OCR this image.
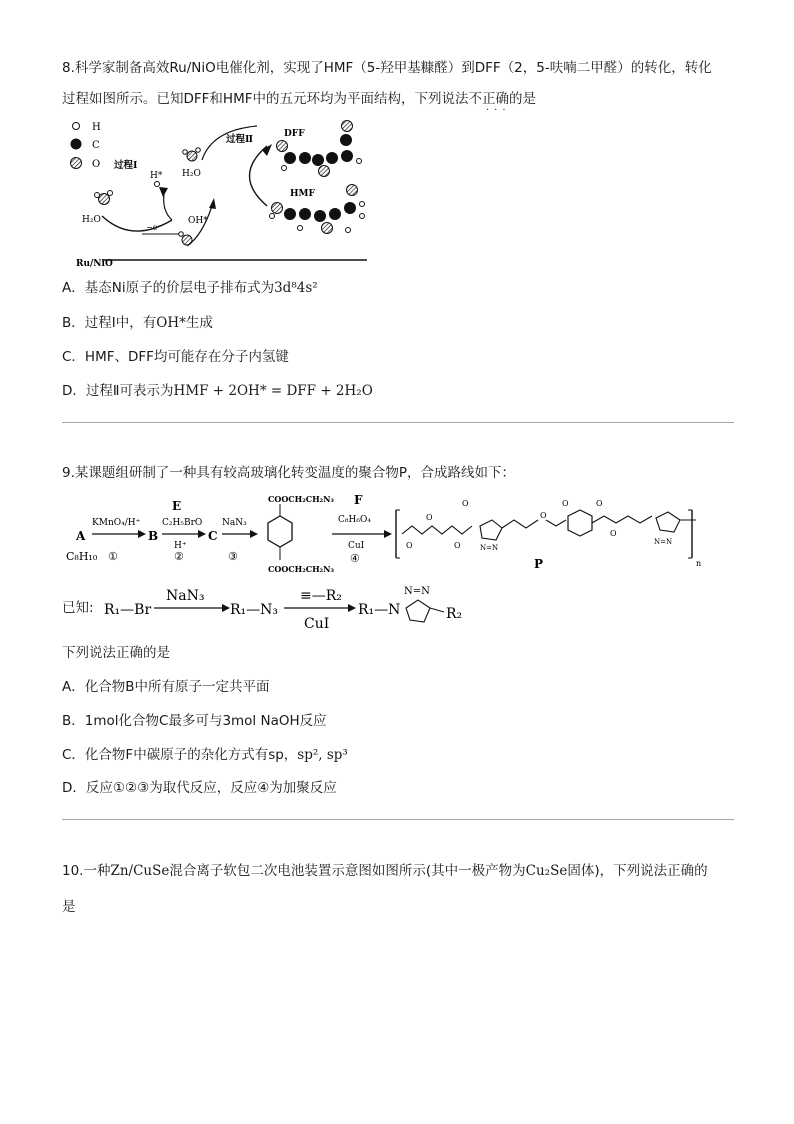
8.科学家制备高效Ru/NiO电催化剂，实现了HMF（5-羟甲基糠醛）到DFF（2，5-呋喃二甲醛）的转化，转化
过程如图所示。已知DFF和HMF中的五元环均为平面结构，下列说法不正确的是
···
H
C
O 过程Ⅰ
H₂O
H*
−e⁻
OH*
H₂O
过程Ⅱ	DFF
HMF
Ru/NiO
A．基态Ni原子的价层电子排布式为3d⁸4s²
B．过程Ⅰ中，有OH*生成
C．HMF、DFF均可能存在分子内氢键
D．过程Ⅱ可表示为HMF + 2OH* = DFF + 2H₂O
9.某课题组研制了一种具有较高玻璃化转变温度的聚合物P，合成路线如下：
A
C₈H₁₀
KMnO₄/H⁺
①
B
E
C₂H₅BrO
H⁺
②
C
NaN₃
③
COOCH₂CH₂N₃
COOCH₂CH₂N₃
F
C₈H₆O₄
CuI
④
O
O
O
O
N=N
O
O	O
O
N=N
n
P
已知: R₁—Br
NaN₃
R₁—N₃
≡—R₂
CuI
R₁—N
N=N
R₂
下列说法正确的是
A．化合物B中所有原子一定共平面
B．1mol化合物C最多可与3mol NaOH反应
C．化合物F中碳原子的杂化方式有sp，sp², sp³
D．反应①②③为取代反应，反应④为加聚反应
10.一种Zn/CuSe混合离子软包二次电池装置示意图如图所示(其中一极产物为Cu₂Se固体)，下列说法正确的
是
